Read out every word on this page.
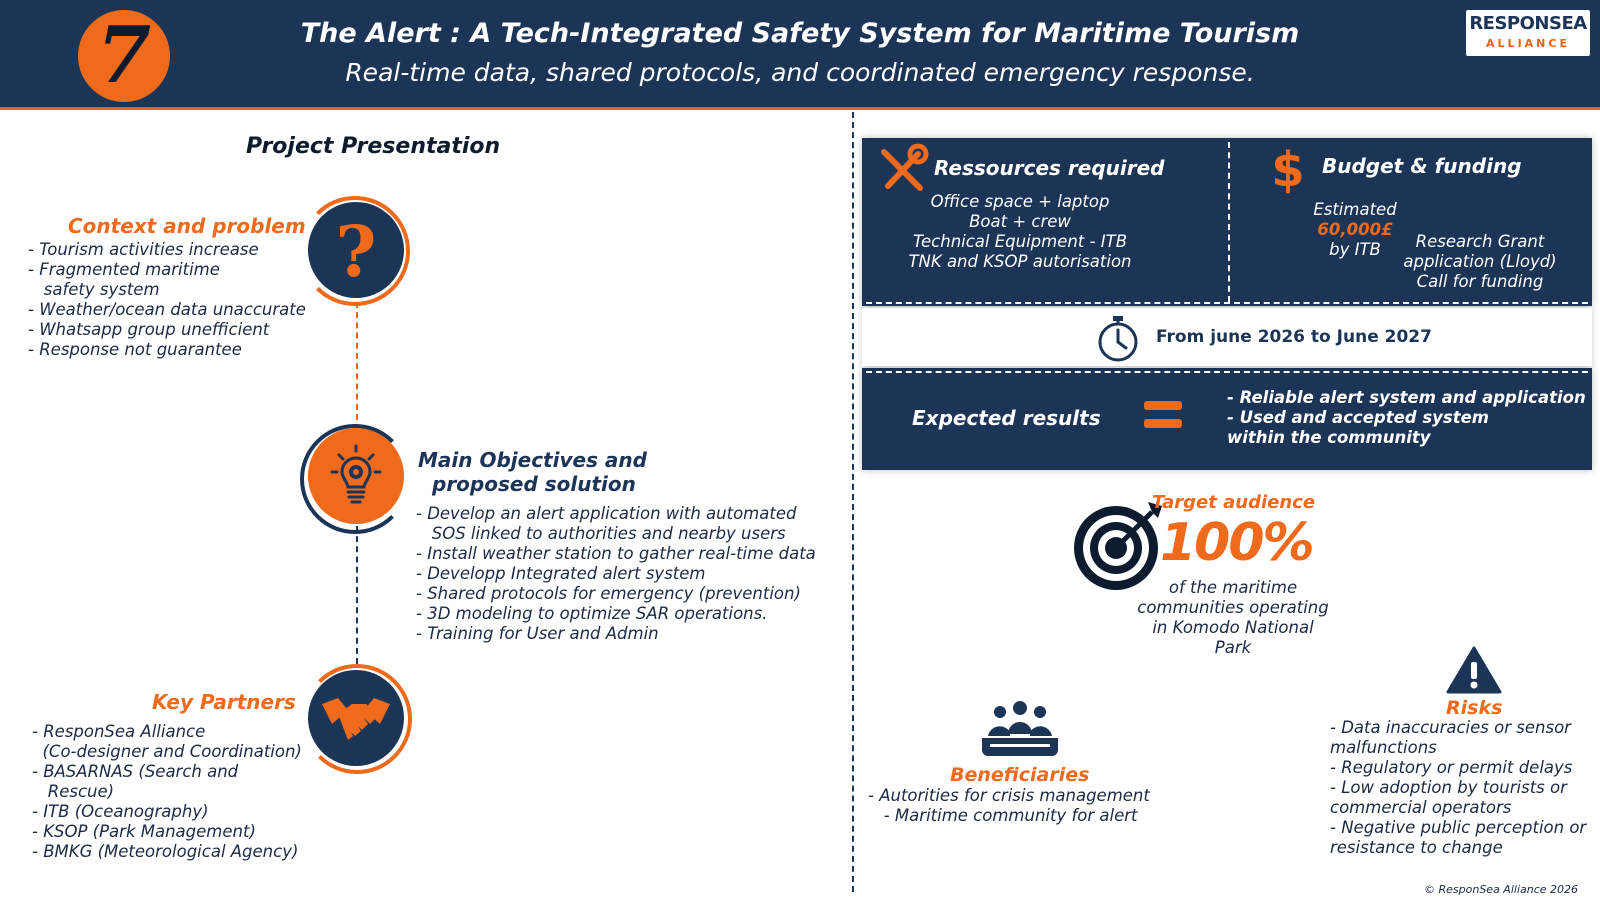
7	The Alert : A Tech-Integrated Safety System for Maritime Tourism
Real-time data, shared protocols, and coordinated emergency response.
RESPONSEA
ALLIANCE
Project Presentation
?
Context and problem
- Tourism activities increase
- Fragmented maritime
safety system
- Weather/ocean data unaccurate
- Whatsapp group unefficient
- Response not guarantee
Main Objectives and
proposed solution
- Develop an alert application with automated
SOS linked to authorities and nearby users
- Install weather station to gather real-time data
- Developp Integrated alert system
- Shared protocols for emergency (prevention)
- 3D modeling to optimize SAR operations.
- Training for User and Admin
Key Partners
- ResponSea Alliance
(Co-designer and Coordination)
- BASARNAS (Search and
Rescue)
- ITB (Oceanography)
- KSOP (Park Management)
- BMKG (Meteorological Agency)
Ressources required
Office space + laptop
Boat + crew
Technical Equipment - ITB
TNK and KSOP autorisation
$ Budget & funding
Estimated
60,000£
by ITB	Research Grant
application (Lloyd)
Call for funding
From june 2026 to June 2027
Expected results
- Reliable alert system and application
- Used and accepted system
within the community
Target audience
100%
of the maritime
communities operating
in Komodo National
Park
Beneficiaries
- Autorities for crisis management
- Maritime community for alert
Risks
- Data inaccuracies or sensor
malfunctions
- Regulatory or permit delays
- Low adoption by tourists or
commercial operators
- Negative public perception or
resistance to change
© ResponSea Alliance 2026
